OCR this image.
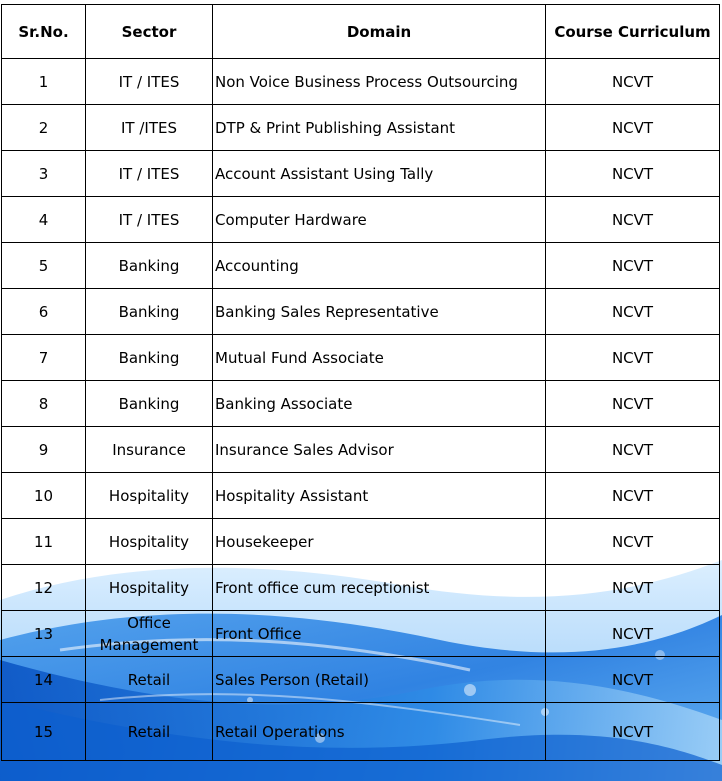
Sr.No.	Sector	Domain	Course Curriculum
1	IT / ITES	Non Voice Business Process Outsourcing	NCVT
2	IT /ITES	DTP & Print Publishing Assistant	NCVT
3	IT / ITES	Account Assistant Using Tally	NCVT
4	IT / ITES	Computer Hardware	NCVT
5	Banking	Accounting	NCVT
6	Banking	Banking Sales Representative	NCVT
7	Banking	Mutual Fund Associate	NCVT
8	Banking	Banking Associate	NCVT
9	Insurance	Insurance Sales Advisor	NCVT
10	Hospitality	Hospitality Assistant	NCVT
11	Hospitality	Housekeeper	NCVT
12	Hospitality	Front office cum receptionist	NCVT
13	Office Management	Front Office	NCVT
14	Retail	Sales Person (Retail)	NCVT
15	Retail	Retail Operations	NCVT
